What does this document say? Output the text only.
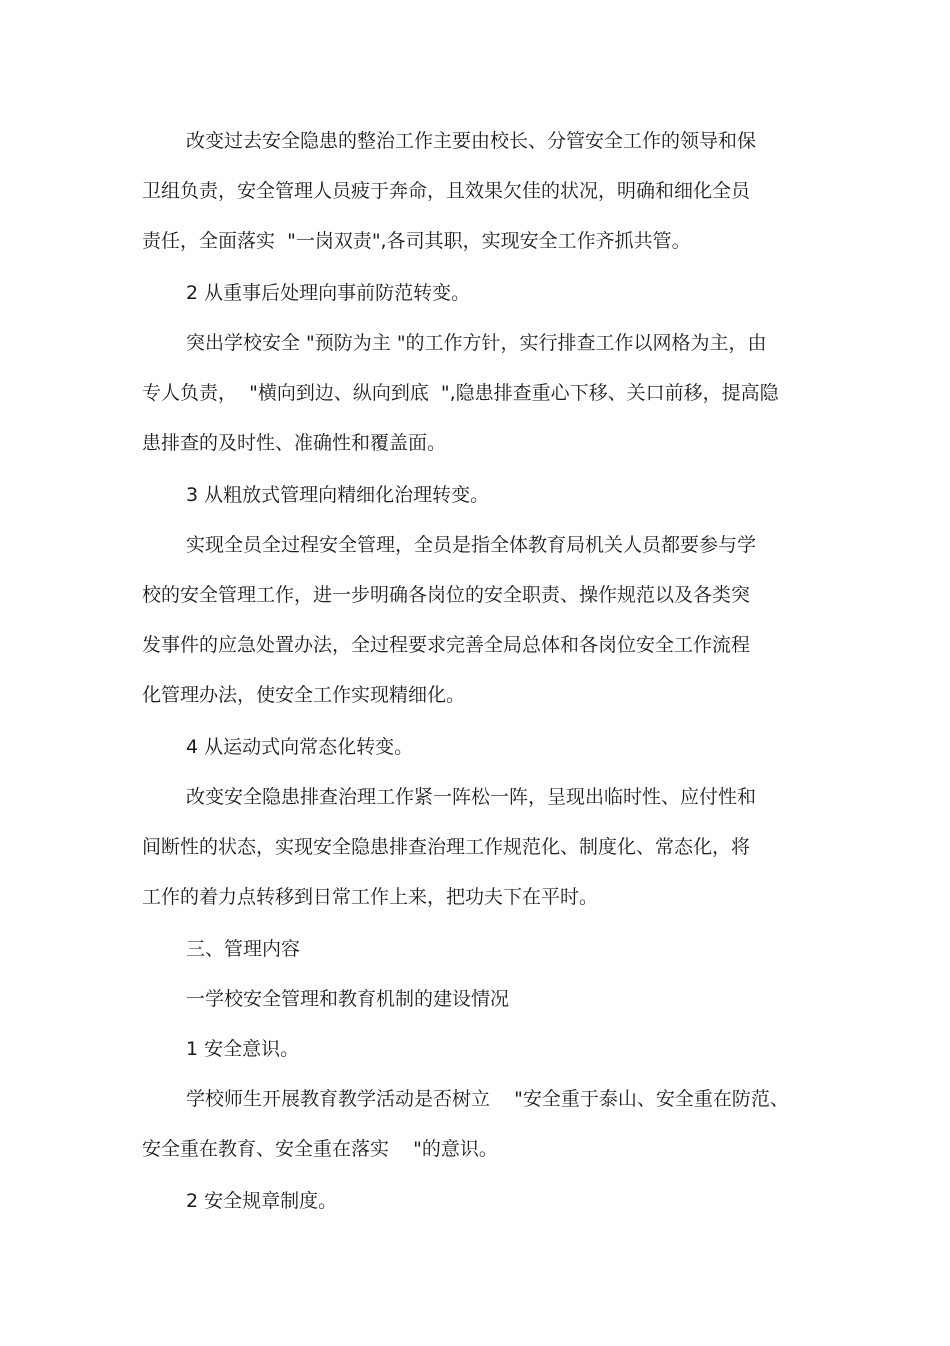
改变过去安全隐患的整治工作主要由校长、分管安全工作的领导和保

卫组负责，安全管理人员疲于奔命，且效果欠佳的状况，明确和细化全员

责任，全面落实  "一岗双责",各司其职，实现安全工作齐抓共管。

2 从重事后处理向事前防范转变。

突出学校安全 "预防为主 "的工作方针，实行排查工作以网格为主，由

专人负责，  "横向到边、纵向到底  ",隐患排查重心下移、关口前移，提高隐

患排查的及时性、准确性和覆盖面。

3 从粗放式管理向精细化治理转变。

实现全员全过程安全管理，全员是指全体教育局机关人员都要参与学

校的安全管理工作，进一步明确各岗位的安全职责、操作规范以及各类突

发事件的应急处置办法，全过程要求完善全局总体和各岗位安全工作流程

化管理办法，使安全工作实现精细化。

4 从运动式向常态化转变。

改变安全隐患排查治理工作紧一阵松一阵，呈现出临时性、应付性和

间断性的状态，实现安全隐患排查治理工作规范化、制度化、常态化，将

工作的着力点转移到日常工作上来，把功夫下在平时。

三、管理内容

一学校安全管理和教育机制的建设情况

1 安全意识。

学校师生开展教育教学活动是否树立    "安全重于泰山、安全重在防范、

安全重在教育、安全重在落实    "的意识。

2 安全规章制度。
